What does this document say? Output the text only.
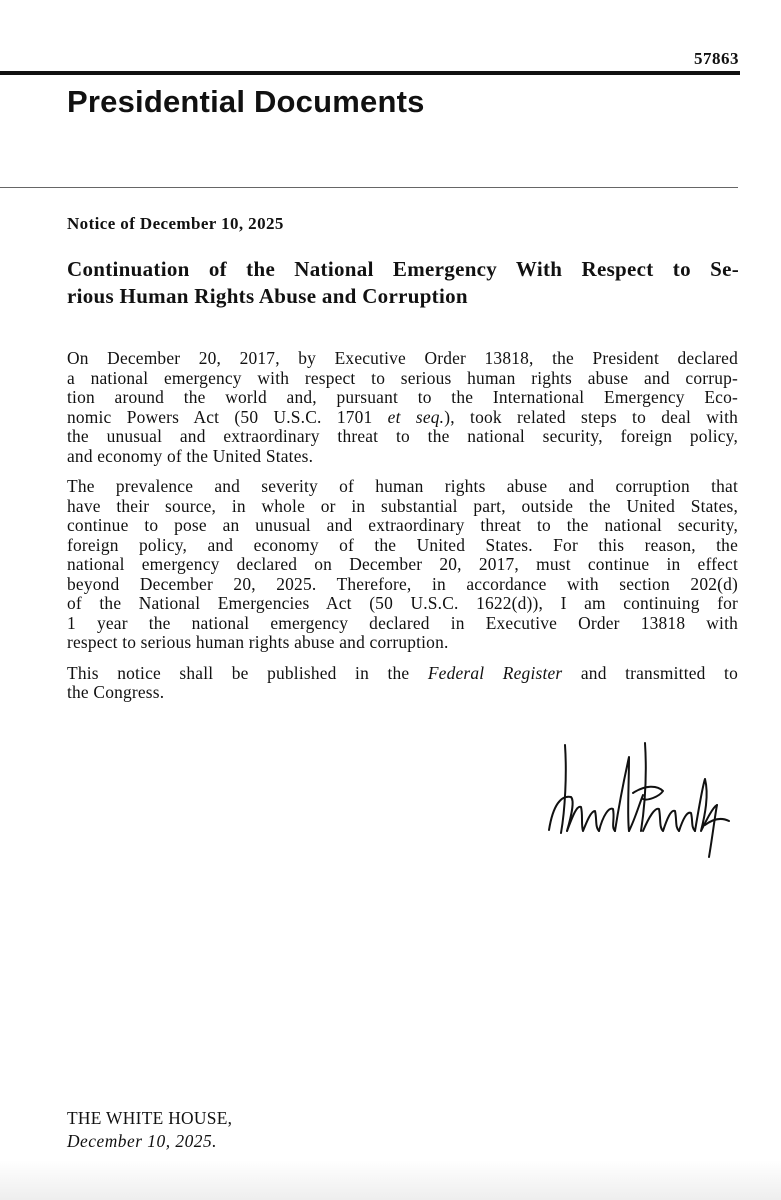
57863
Presidential Documents
Notice of December 10, 2025
Continuation of the National Emergency With Respect to Se-
rious Human Rights Abuse and Corruption

On December 20, 2017, by Executive Order 13818, the President declared
a national emergency with respect to serious human rights abuse and corrup-
tion around the world and, pursuant to the International Emergency Eco-
nomic Powers Act (50 U.S.C. 1701 et seq.), took related steps to deal with
the unusual and extraordinary threat to the national security, foreign policy,
and economy of the United States.

The prevalence and severity of human rights abuse and corruption that
have their source, in whole or in substantial part, outside the United States,
continue to pose an unusual and extraordinary threat to the national security,
foreign policy, and economy of the United States. For this reason, the
national emergency declared on December 20, 2017, must continue in effect
beyond December 20, 2025. Therefore, in accordance with section 202(d)
of the National Emergencies Act (50 U.S.C. 1622(d)), I am continuing for
1 year the national emergency declared in Executive Order 13818 with
respect to serious human rights abuse and corruption.

This notice shall be published in the Federal Register and transmitted to
the Congress.

THE WHITE HOUSE,
December 10, 2025.
